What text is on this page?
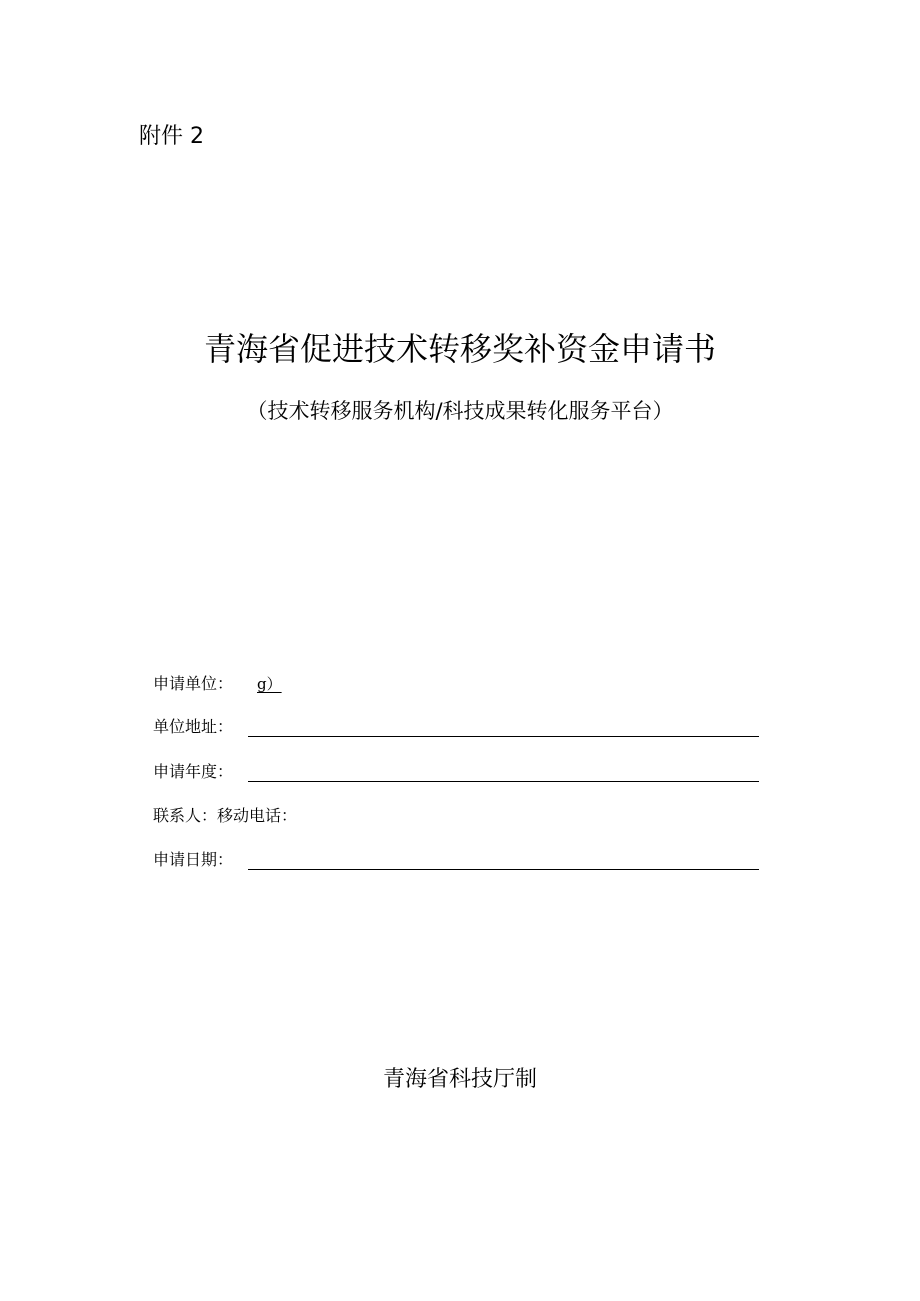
附件 2
青海省促进技术转移奖补资金申请书
（技术转移服务机构/科技成果转化服务平台）
申请单位： g）
单位地址：
申请年度：
联系人：移动电话：
申请日期：
青海省科技厅制
